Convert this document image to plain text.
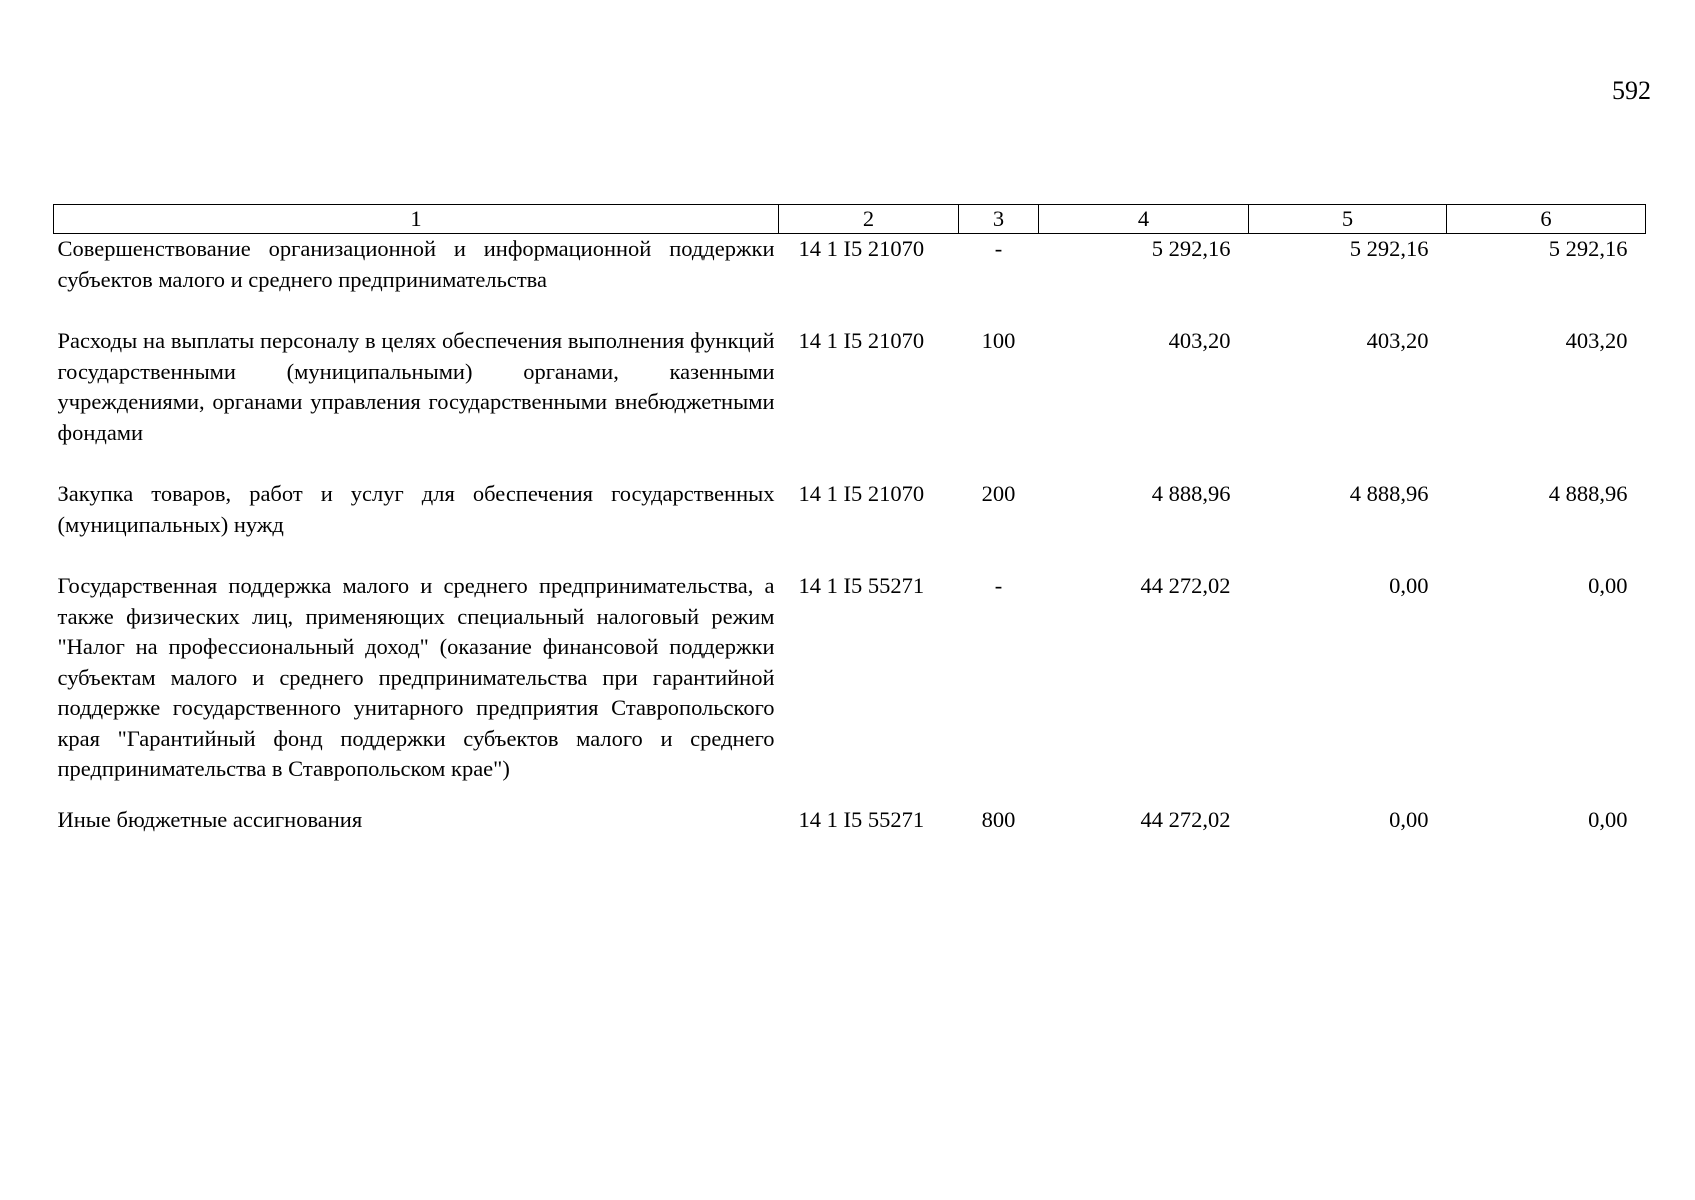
592
1	2	3	4	5	6
Совершенствование организационной и информационной поддержки субъектов малого и среднего предпринимательства	14 1 I5 21070	-	5 292,16	5 292,16	5 292,16
Расходы на выплаты персоналу в целях обеспечения выполнения функций государственными (муниципальными) органами, казенными учреждениями, органами управления государственными внебюджетными фондами	14 1 I5 21070	100	403,20	403,20	403,20
Закупка товаров, работ и услуг для обеспечения государственных (муниципальных) нужд	14 1 I5 21070	200	4 888,96	4 888,96	4 888,96
Государственная поддержка малого и среднего предпринимательства, а также физических лиц, применяющих специальный налоговый режим "Налог на профессиональный доход" (оказание финансовой поддержки субъектам малого и среднего предпринимательства при гарантийной поддержке государственного унитарного предприятия Ставропольского края "Гарантийный фонд поддержки субъектов малого и среднего предпринимательства в Ставропольском крае")	14 1 I5 55271	-	44 272,02	0,00	0,00
Иные бюджетные ассигнования	14 1 I5 55271	800	44 272,02	0,00	0,00
